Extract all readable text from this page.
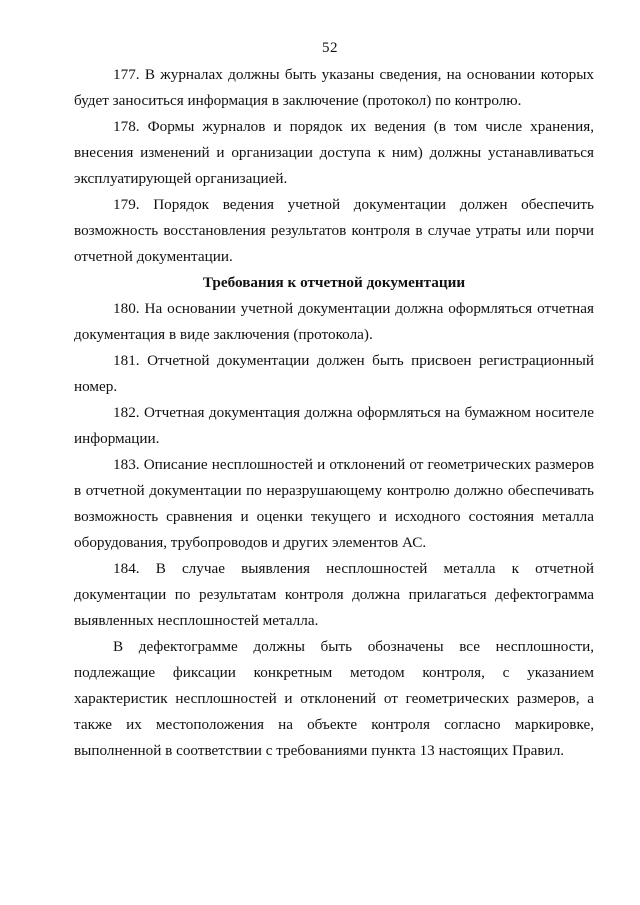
52

177. В журналах должны быть указаны сведения, на основании которых будет заноситься информация в заключение (протокол) по контролю.

178. Формы журналов и порядок их ведения (в том числе хранения, внесения изменений и организации доступа к ним) должны устанавливаться эксплуатирующей организацией.

179. Порядок ведения учетной документации должен обеспечить возможность восстановления результатов контроля в случае утраты или порчи отчетной документации.

Требования к отчетной документации

180. На основании учетной документации должна оформляться отчетная документация в виде заключения (протокола).

181. Отчетной документации должен быть присвоен регистрационный номер.

182. Отчетная документация должна оформляться на бумажном носителе информации.

183. Описание несплошностей и отклонений от геометрических размеров в отчетной документации по неразрушающему контролю должно обеспечивать возможность сравнения и оценки текущего и исходного состояния металла оборудования, трубопроводов и других элементов АС.

184. В случае выявления несплошностей металла к отчетной документации по результатам контроля должна прилагаться дефектограмма выявленных несплошностей металла.

В дефектограмме должны быть обозначены все несплошности, подлежащие фиксации конкретным методом контроля, с указанием характеристик несплошностей и отклонений от геометрических размеров, а также их местоположения на объекте контроля согласно маркировке, выполненной в соответствии с требованиями пункта 13 настоящих Правил.
